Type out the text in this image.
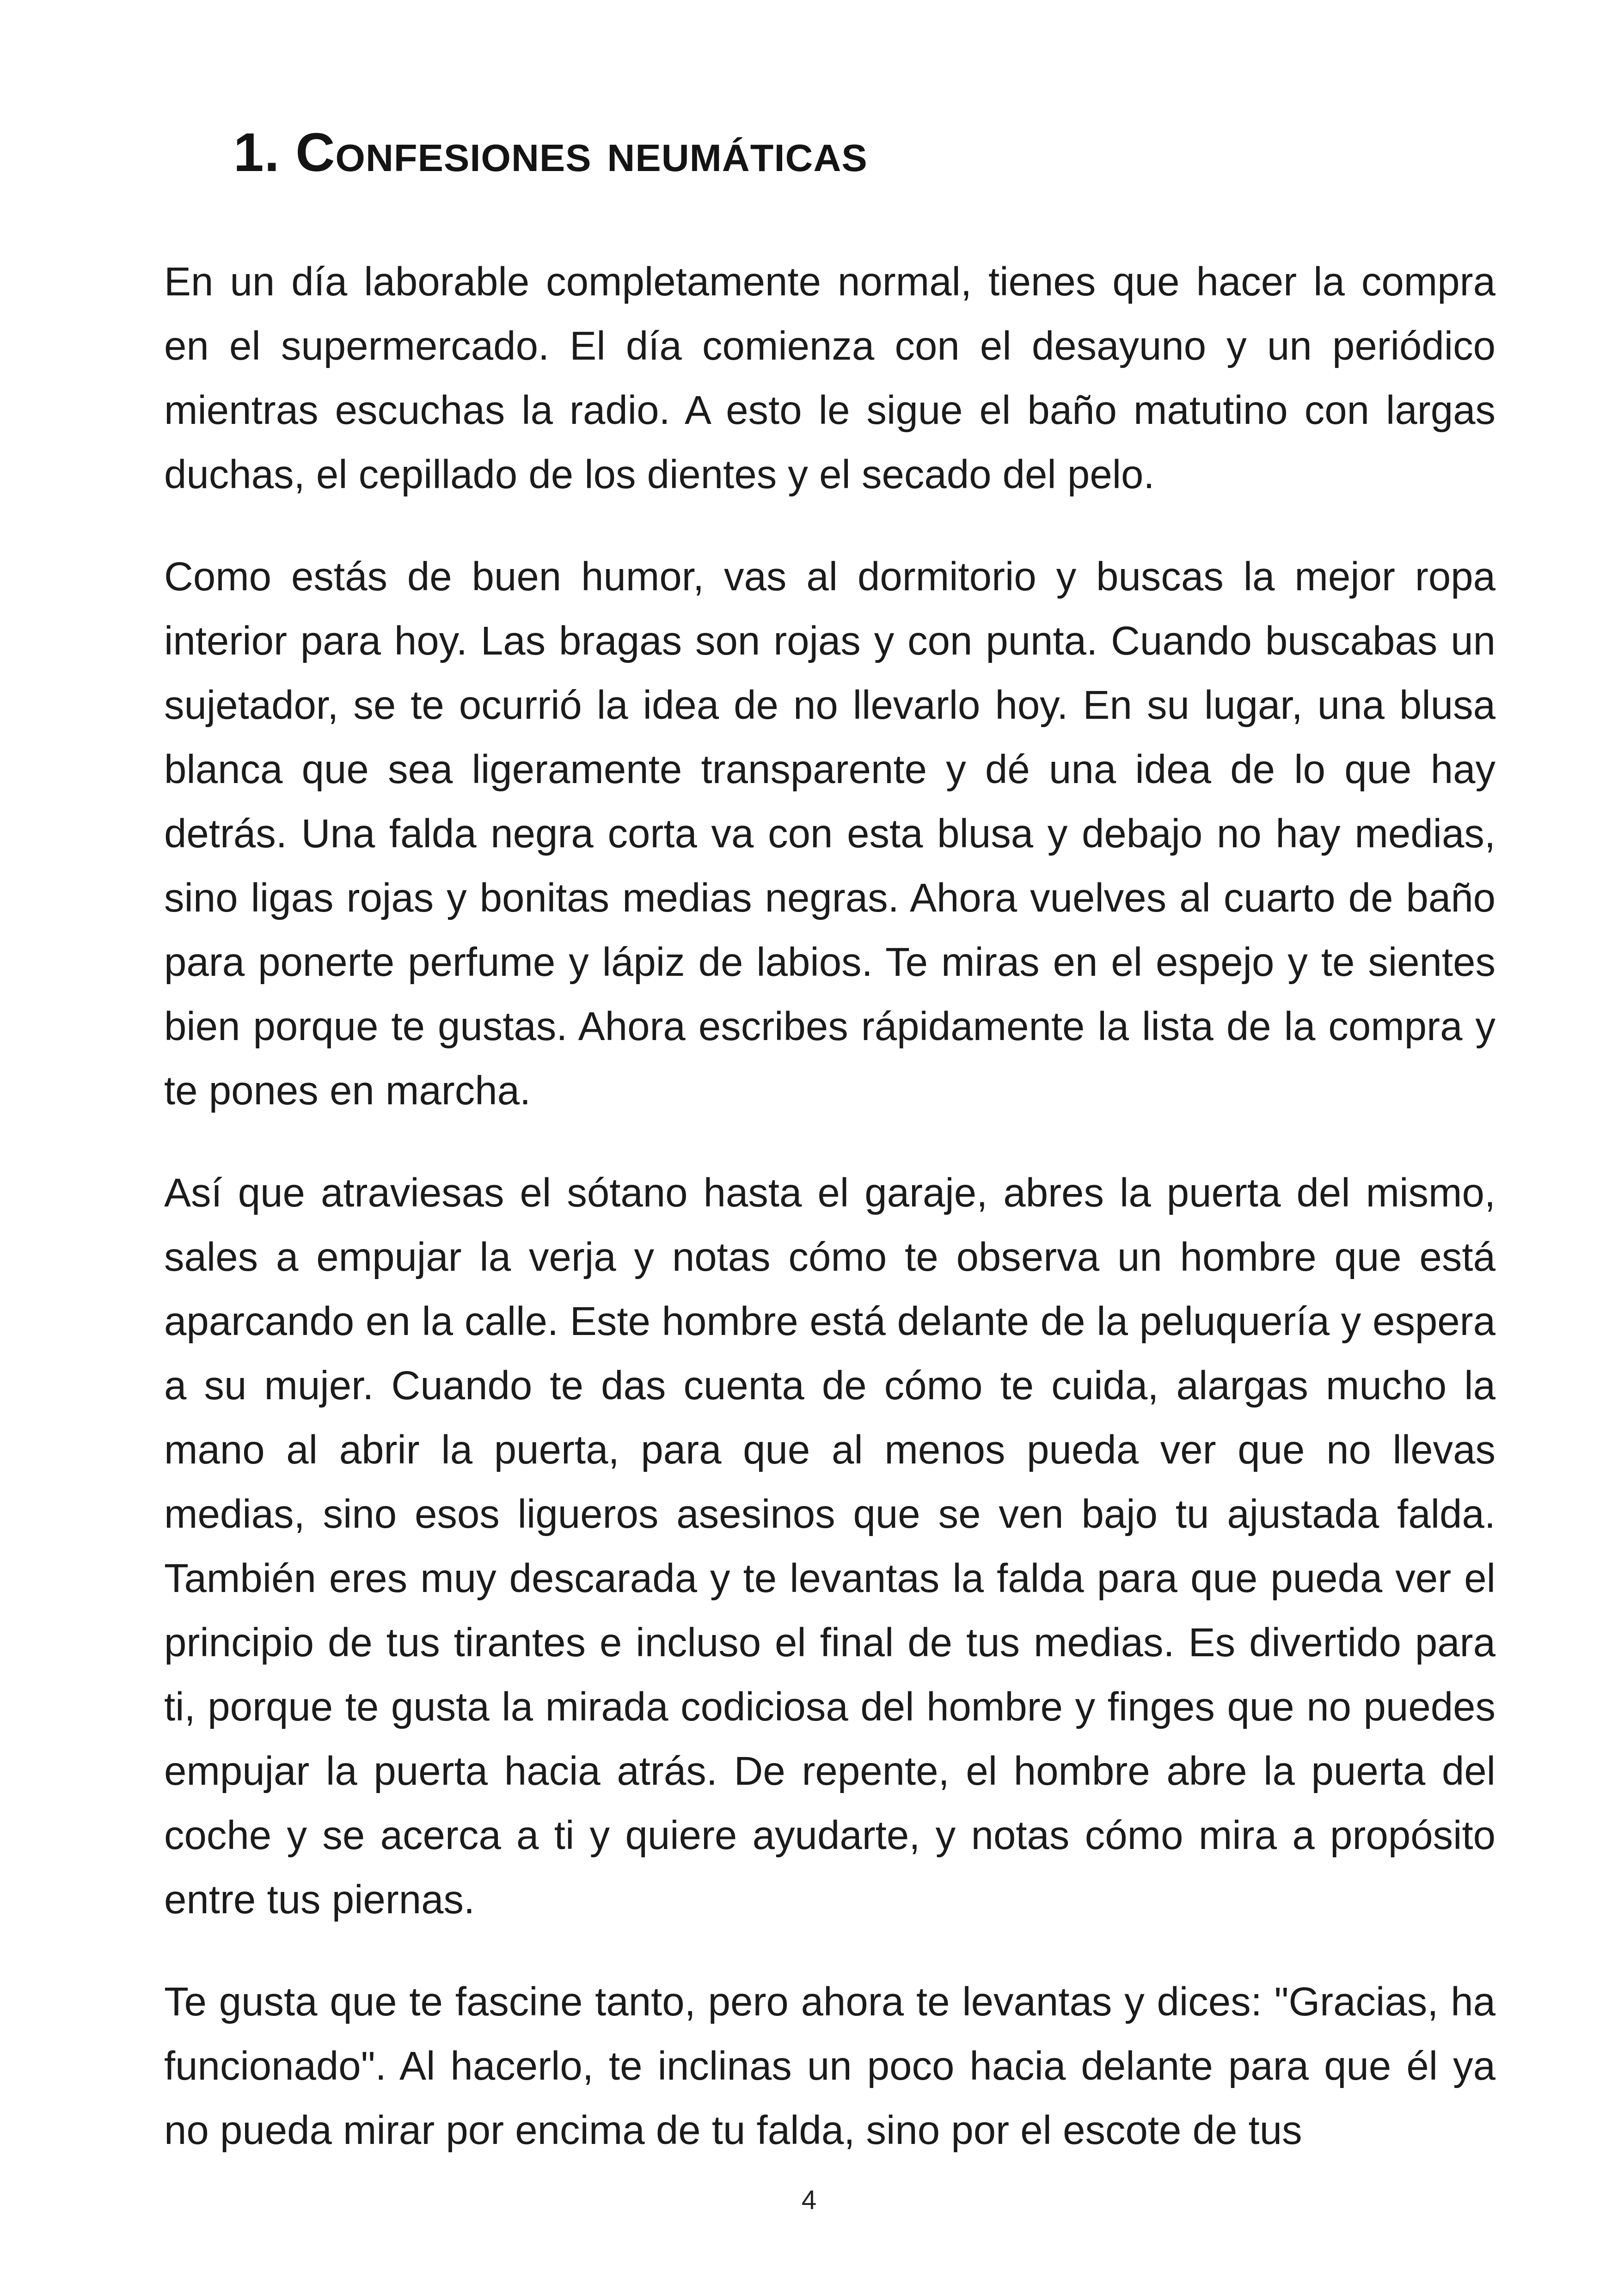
1. Confesiones neumáticas

En un día laborable completamente normal, tienes que hacer la compra en el supermercado. El día comienza con el desayuno y un periódico mientras escuchas la radio. A esto le sigue el baño matutino con largas duchas, el cepillado de los dientes y el secado del pelo.

Como estás de buen humor, vas al dormitorio y buscas la mejor ropa interior para hoy. Las bragas son rojas y con punta. Cuando buscabas un sujetador, se te ocurrió la idea de no llevarlo hoy. En su lugar, una blusa blanca que sea ligeramente transparente y dé una idea de lo que hay detrás. Una falda negra corta va con esta blusa y debajo no hay medias, sino ligas rojas y bonitas medias negras. Ahora vuelves al cuarto de baño para ponerte perfume y lápiz de labios. Te miras en el espejo y te sientes bien porque te gustas. Ahora escribes rápidamente la lista de la compra y te pones en marcha.

Así que atraviesas el sótano hasta el garaje, abres la puerta del mismo, sales a empujar la verja y notas cómo te observa un hombre que está aparcando en la calle. Este hombre está delante de la peluquería y espera a su mujer. Cuando te das cuenta de cómo te cuida, alargas mucho la mano al abrir la puerta, para que al menos pueda ver que no llevas medias, sino esos ligueros asesinos que se ven bajo tu ajustada falda. También eres muy descarada y te levantas la falda para que pueda ver el principio de tus tirantes e incluso el final de tus medias. Es divertido para ti, porque te gusta la mirada codiciosa del hombre y finges que no puedes empujar la puerta hacia atrás. De repente, el hombre abre la puerta del coche y se acerca a ti y quiere ayudarte, y notas cómo mira a propósito entre tus piernas.

Te gusta que te fascine tanto, pero ahora te levantas y dices: "Gracias, ha funcionado". Al hacerlo, te inclinas un poco hacia delante para que él ya no pueda mirar por encima de tu falda, sino por el escote de tus

4
